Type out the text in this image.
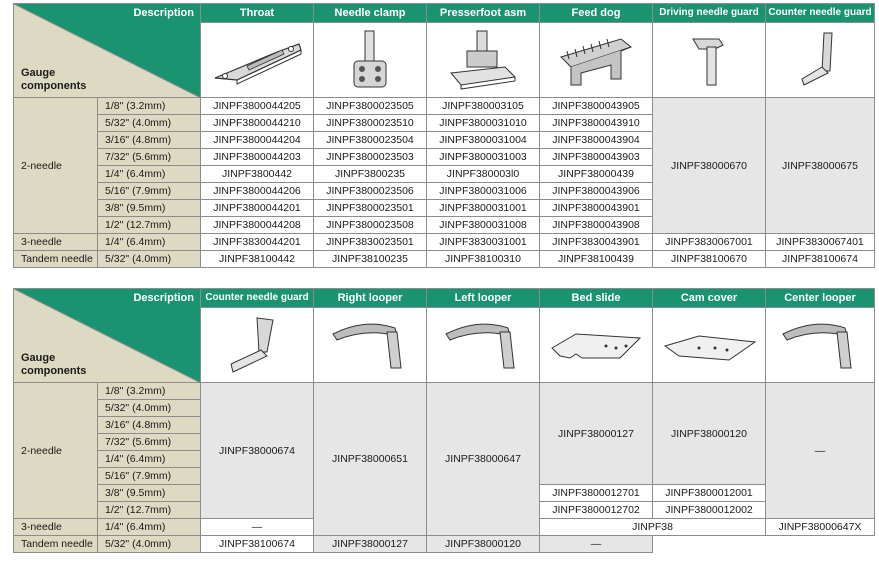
Description
Gauge
components		Throat	Needle clamp	Presserfoot asm	Feed dog	Driving needle guard	Counter needle guard

2-needle	1/8" (3.2mm)	JINPF3800044205	JINPF3800023505	JINPF380003105	JINPF3800043905	JINPF38000670	JINPF38000675
	5/32" (4.0mm)	JINPF3800044210	JINPF3800023510	JINPF3800031010	JINPF3800043910		
	3/16" (4.8mm)	JINPF3800044204	JINPF3800023504	JINPF3800031004	JINPF3800043904		
	7/32" (5.6mm)	JINPF3800044203	JINPF3800023503	JINPF3800031003	JINPF3800043903		
	1/4" (6.4mm)	JINPF3800442	JINPF3800235	JINPF380003l0	JINPF38000439		
	5/16" (7.9mm)	JINPF3800044206	JINPF3800023506	JINPF3800031006	JINPF3800043906		
	3/8" (9.5mm)	JINPF3800044201	JINPF3800023501	JINPF3800031001	JINPF3800043901		
	1/2" (12.7mm)	JINPF3800044208	JINPF3800023508	JINPF3800031008	JINPF3800043908		
3-needle	1/4" (6.4mm)	JINPF3830044201	JINPF3830023501	JINPF3830031001	JINPF3830043901	JINPF3830067001	JINPF3830067401
Tandem needle	5/32" (4.0mm)	JINPF38100442	JINPF38100235	JINPF38100310	JINPF38100439	JINPF38100670	JINPF38100674
Description
Gauge
components		Counter needle guard	Right looper	Left looper	Bed slide	Cam cover	Center looper

2-needle	1/8" (3.2mm)	JINPF38000674	JINPF38000651	JINPF38000647	JINPF38000127	JINPF38000120	—
	5/32" (4.0mm)						
	3/16" (4.8mm)						
	7/32" (5.6mm)						
	1/4" (6.4mm)						
	5/16" (7.9mm)						
	3/8" (9.5mm)				JINPF3800012701	JINPF3800012001	
	1/2" (12.7mm)				JINPF3800012702	JINPF3800012002	
3-needle	1/4" (6.4mm)	—			JINPF38		JINPF38000647X
Tandem needle	5/32" (4.0mm)	JINPF38100674	JINPF38000127	JINPF38000120	—		
